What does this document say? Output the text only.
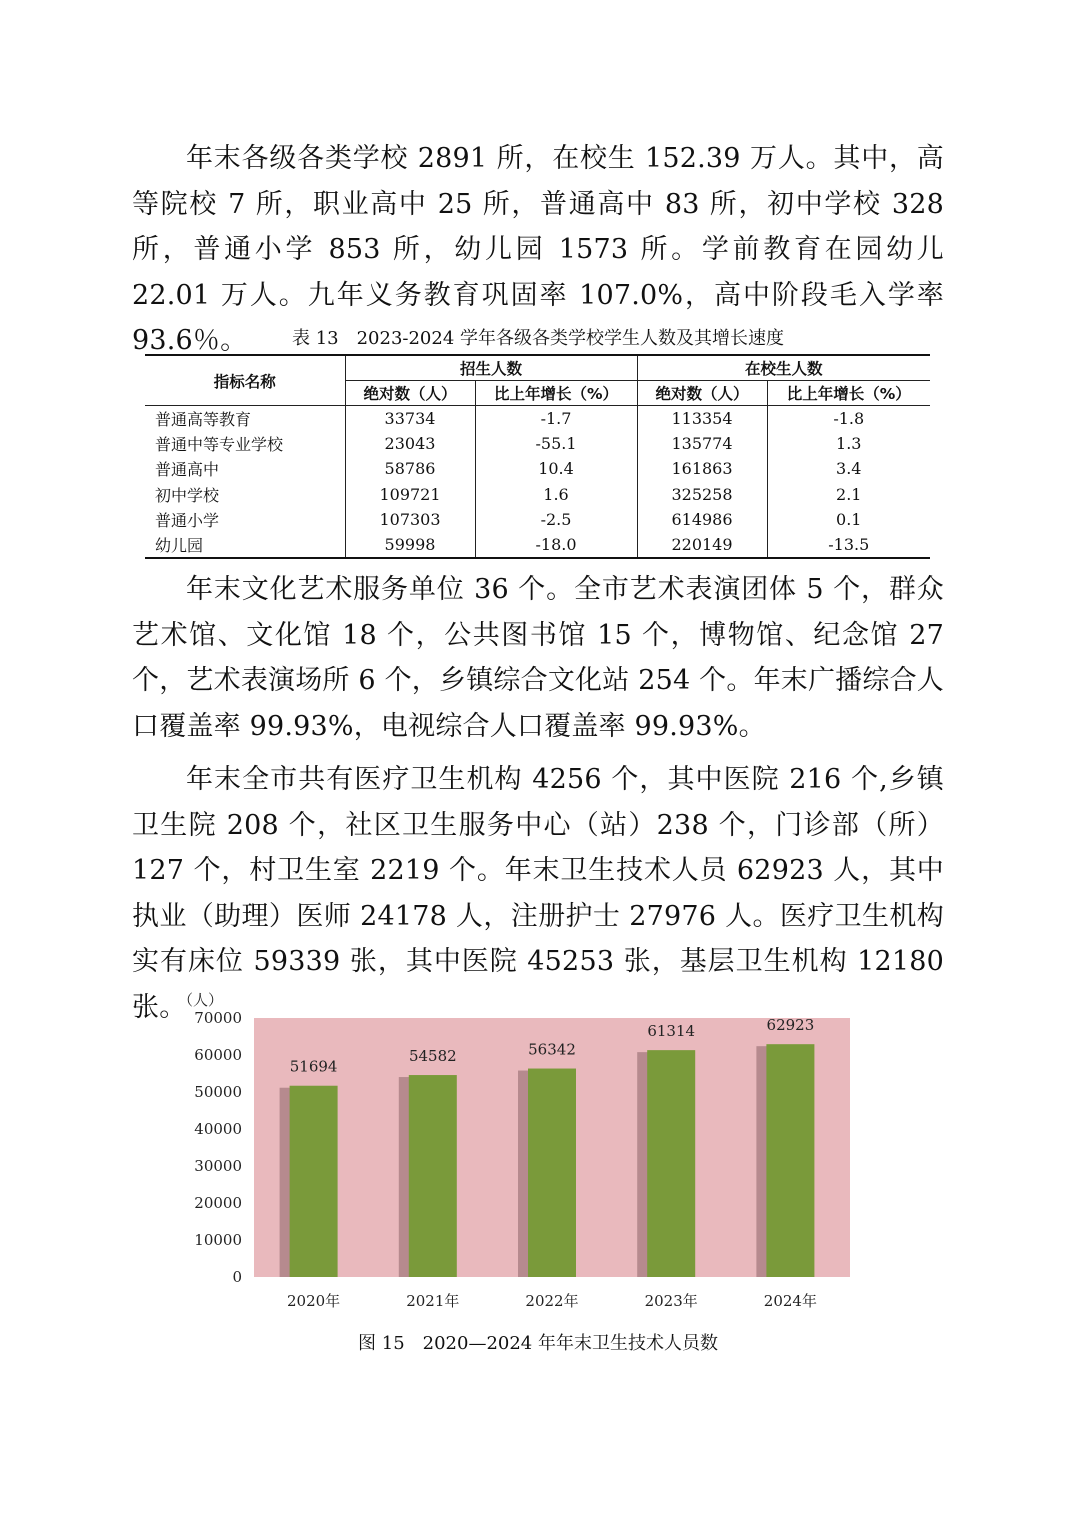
年末各级各类学校 2891 所，在校生 152.39 万人。其中，高等院校 7 所，职业高中 25 所，普通高中 83 所，初中学校 328 所，普通小学 853 所，幼儿园 1573 所。学前教育在园幼儿 22.01 万人。九年义务教育巩固率 107.0%，高中阶段毛入学率 93.6％。	表 13　2023-2024 学年各级各类学校学生人数及其增长速度
指标名称	招生人数		在校生人数	
	绝对数（人）	比上年增长（%）	绝对数（人）	比上年增长（%）
普通高等教育	33734	-1.7	113354	-1.8
普通中等专业学校	23043	-55.1	135774	1.3
普通高中	58786	10.4	161863	3.4
初中学校	109721	1.6	325258	2.1
普通小学	107303	-2.5	614986	0.1
幼儿园	59998	-18.0	220149	-13.5

年末文化艺术服务单位 36 个。全市艺术表演团体 5 个，群众艺术馆、文化馆 18 个，公共图书馆 15 个，博物馆、纪念馆 27 个，艺术表演场所 6 个，乡镇综合文化站 254 个。年末广播综合人口覆盖率 99.93%，电视综合人口覆盖率 99.93%。

年末全市共有医疗卫生机构 4256 个，其中医院 216 个,乡镇卫生院 208 个，社区卫生服务中心（站）238 个，门诊部（所）127 个，村卫生室 2219 个。年末卫生技术人员 62923 人，其中执业（助理）医师 24178 人，注册护士 27976 人。医疗卫生机构实有床位 59339 张，其中医院 45253 张，基层卫生机构 12180 张。

（人）
0
10000
20000
30000
40000
50000
60000
70000
51694
2020年
54582
2021年
56342
2022年
61314
2023年
62923
2024年
图 15　2020—2024 年年末卫生技术人员数
